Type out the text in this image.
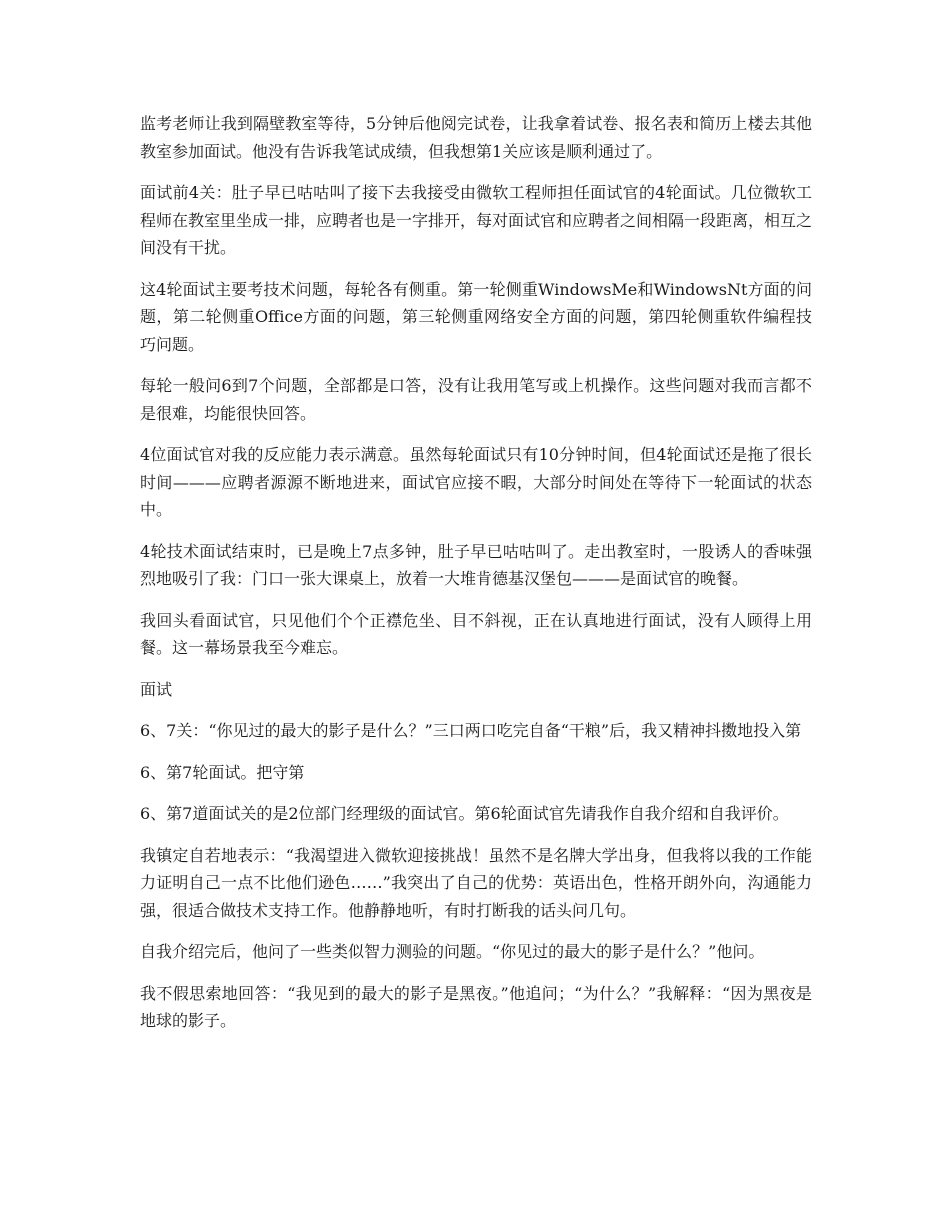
监考老师让我到隔壁教室等待，5分钟后他阅完试卷，让我拿着试卷、报名表和简历上楼去其他教室参加面试。他没有告诉我笔试成绩，但我想第1关应该是顺利通过了。

面试前4关：肚子早已咕咕叫了接下去我接受由微软工程师担任面试官的4轮面试。几位微软工程师在教室里坐成一排，应聘者也是一字排开，每对面试官和应聘者之间相隔一段距离，相互之间没有干扰。

这4轮面试主要考技术问题，每轮各有侧重。第一轮侧重WindowsMe和WindowsNt方面的问题，第二轮侧重Office方面的问题，第三轮侧重网络安全方面的问题，第四轮侧重软件编程技巧问题。

每轮一般问6到7个问题，全部都是口答，没有让我用笔写或上机操作。这些问题对我而言都不是很难，均能很快回答。

4位面试官对我的反应能力表示满意。虽然每轮面试只有10分钟时间，但4轮面试还是拖了很长时间———应聘者源源不断地进来，面试官应接不暇，大部分时间处在等待下一轮面试的状态中。

4轮技术面试结束时，已是晚上7点多钟，肚子早已咕咕叫了。走出教室时，一股诱人的香味强烈地吸引了我：门口一张大课桌上，放着一大堆肯德基汉堡包———是面试官的晚餐。

我回头看面试官，只见他们个个正襟危坐、目不斜视，正在认真地进行面试，没有人顾得上用餐。这一幕场景我至今难忘。

面试

6、7关：“你见过的最大的影子是什么？”三口两口吃完自备“干粮”后，我又精神抖擞地投入第

6、第7轮面试。把守第

6、第7道面试关的是2位部门经理级的面试官。第6轮面试官先请我作自我介绍和自我评价。

我镇定自若地表示：“我渴望进入微软迎接挑战！虽然不是名牌大学出身，但我将以我的工作能力证明自己一点不比他们逊色……”我突出了自己的优势：英语出色，性格开朗外向，沟通能力强，很适合做技术支持工作。他静静地听，有时打断我的话头问几句。

自我介绍完后，他问了一些类似智力测验的问题。“你见过的最大的影子是什么？”他问。

我不假思索地回答：“我见到的最大的影子是黑夜。”他追问；“为什么？”我解释：“因为黑夜是地球的影子。
